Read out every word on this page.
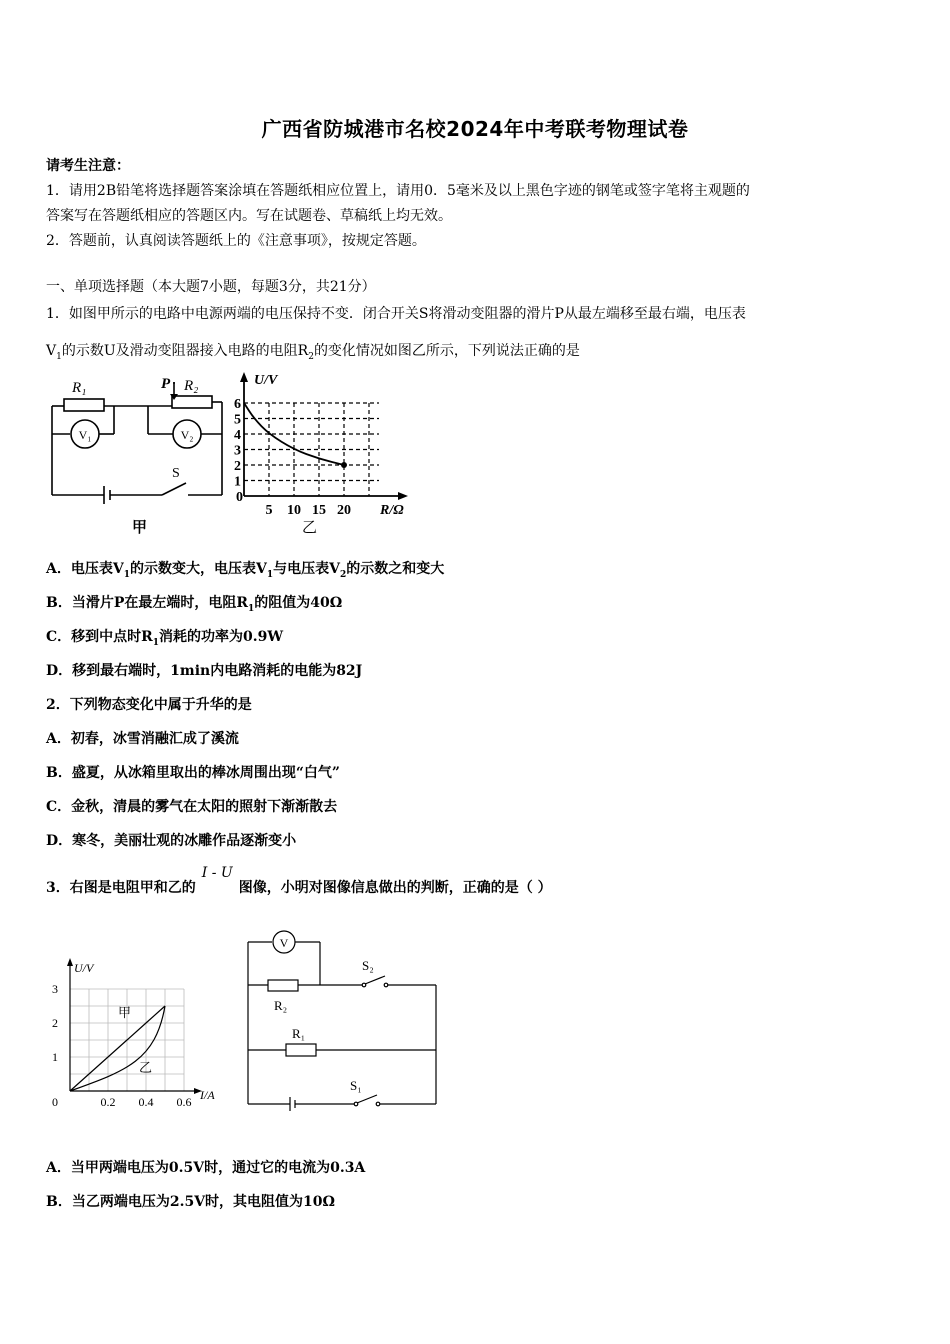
广西省防城港市名校2024年中考联考物理试卷
请考生注意：
1．请用2B铅笔将选择题答案涂填在答题纸相应位置上，请用0．5毫米及以上黑色字迹的钢笔或签字笔将主观题的
答案写在答题纸相应的答题区内。写在试题卷、草稿纸上均无效。
2．答题前，认真阅读答题纸上的《注意事项》，按规定答题。
一、单项选择题（本大题7小题，每题3分，共21分）
1．如图甲所示的电路中电源两端的电压保持不变．闭合开关S将滑动变阻器的滑片P从最左端移至最右端，电压表
$V_1$的示数U及滑动变阻器接入电路的电阻$R_2$的变化情况如图乙所示，下列说法正确的是
R₁	P R₂
V₁	V₂
S
甲
1
2
3
4
5
6
5 10 15 20
U/V
R/Ω
0
乙
A．电压表$V_1$的示数变大，电压表$V_1$与电压表$V_2$的示数之和变大
B．当滑片P在最左端时，电阻$R_1$的阻值为40Ω
C．移到中点时$R_1$消耗的功率为0.9W
D．移到最右端时，1min内电路消耗的电能为82J
2．下列物态变化中属于升华的是
A．初春，冰雪消融汇成了溪流
B．盛夏，从冰箱里取出的棒冰周围出现“白气”
C．金秋，清晨的雾气在太阳的照射下渐渐散去
D．寒冬，美丽壮观的冰雕作品逐渐变小
3．右图是电阻甲和乙的I - U图像，小明对图像信息做出的判断，正确的是（ ）
1
2
3
0.2 0.4 0.6
U/V
I/A
0
甲
乙
V
S₂
R₂
R₁
S₁
A．当甲两端电压为0.5V时，通过它的电流为0.3A
B．当乙两端电压为2.5V时，其电阻值为10Ω
